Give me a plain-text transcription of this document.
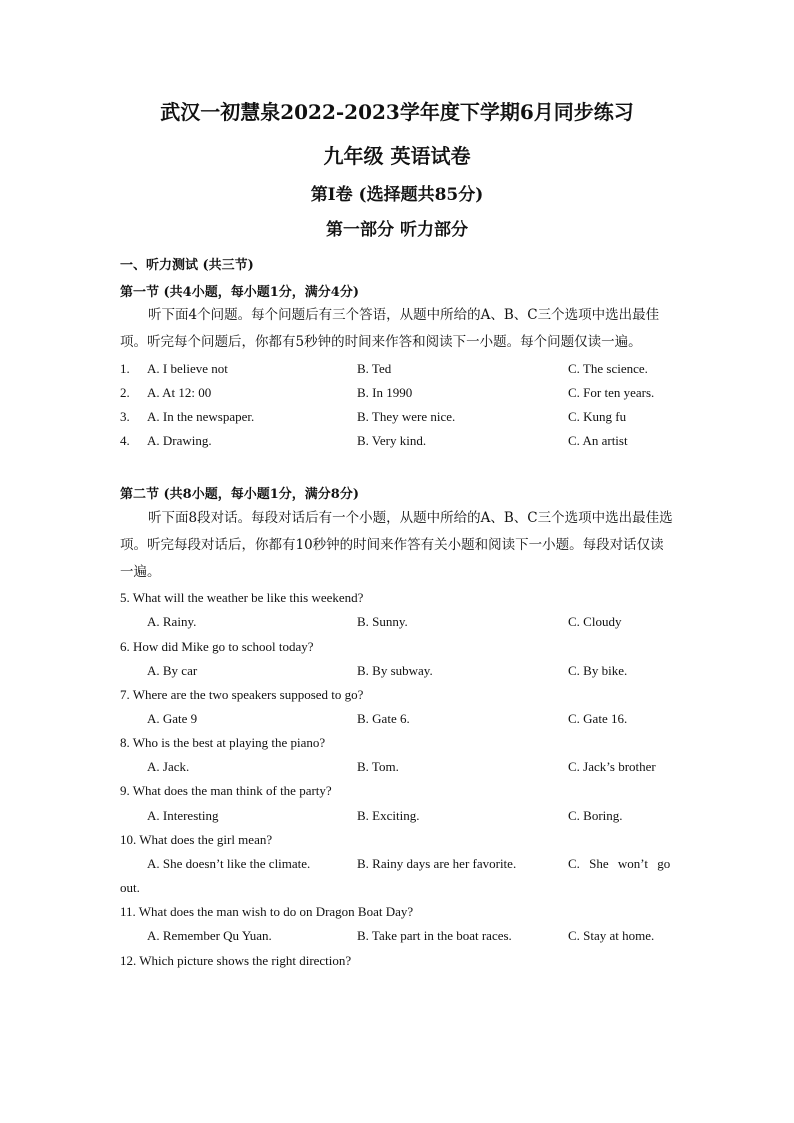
武汉一初慧泉2022-2023学年度下学期6月同步练习
九年级 英语试卷
第Ⅰ卷 (选择题共85分)
第一部分 听力部分
一、听力测试 (共三节)
第一节 (共4小题，每小题1分，满分4分)
听下面4个问题。每个问题后有三个答语，从题中所给的A、B、C三个选项中选出最佳项。听完每个问题后，你都有5秒钟的时间来作答和阅读下一小题。每个问题仅读一遍。
1. A. I believe not	B. Ted	C. The science.
2. A. At 12: 00	B. In 1990	C. For ten years.
3. A. In the newspaper.	B. They were nice.	C. Kung fu
4. A. Drawing.	B. Very kind.	C. An artist
第二节 (共8小题，每小题1分，满分8分)
听下面8段对话。每段对话后有一个小题，从题中所给的A、B、C三个选项中选出最佳选项。听完每段对话后，你都有10秒钟的时间来作答有关小题和阅读下一小题。每段对话仅读一遍。
5. What will the weather be like this weekend?
A. Rainy.	B. Sunny.	C. Cloudy
6. How did Mike go to school today?
A. By car	B. By subway.	C. By bike.
7. Where are the two speakers supposed to go?
A. Gate 9	B. Gate 6.	C. Gate 16.
8. Who is the best at playing the piano?
A. Jack.	B. Tom.	C. Jack’s brother
9. What does the man think of the party?
A. Interesting	B. Exciting.	C. Boring.
10. What does the girl mean?
A. She doesn’t like the climate.	B. Rainy days are her favorite.	C. She won’t go
out.
11. What does the man wish to do on Dragon Boat Day?
A. Remember Qu Yuan.	B. Take part in the boat races.	C. Stay at home.
12. Which picture shows the right direction?
